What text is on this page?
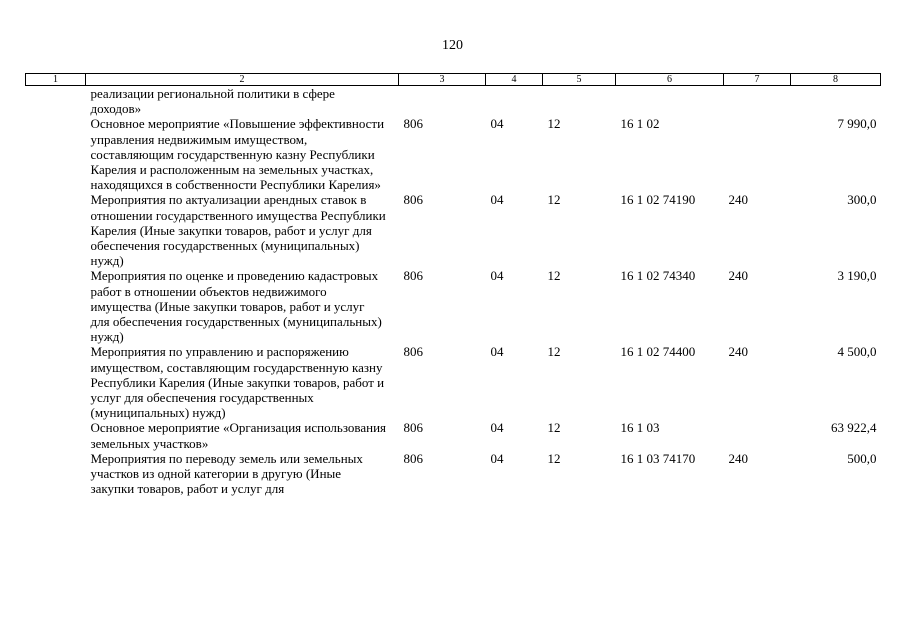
120
1	2	3	4	5	6	7	8
	реализации региональной политики в сфере доходов»						
	Основное мероприятие «Повышение эффективности управления недвижимым имуществом, составляющим государственную казну Республики Карелия и расположенным на земельных участках, находящихся в собственности Республики Карелия»	806	04	12	16 1 02		7 990,0
	Мероприятия по актуализации арендных ставок в отношении государственного имущества Республики Карелия (Иные закупки товаров, работ и услуг для обеспечения государственных (муниципальных) нужд)	806	04	12	16 1 02 74190	240	300,0
	Мероприятия по оценке и проведению кадастровых работ в отношении объектов недвижимого имущества (Иные закупки товаров, работ и услуг для обеспечения государственных (муниципальных) нужд)	806	04	12	16 1 02 74340	240	3 190,0
	Мероприятия по управлению и распоряжению имуществом, составляющим государственную казну Республики Карелия (Иные закупки товаров, работ и услуг для обеспечения государственных (муниципальных) нужд)	806	04	12	16 1 02 74400	240	4 500,0
	Основное мероприятие «Организация использования земельных участков»	806	04	12	16 1 03		63 922,4
	Мероприятия по переводу земель или земельных участков из одной категории в другую (Иные закупки товаров, работ и услуг для	806	04	12	16 1 03 74170	240	500,0
